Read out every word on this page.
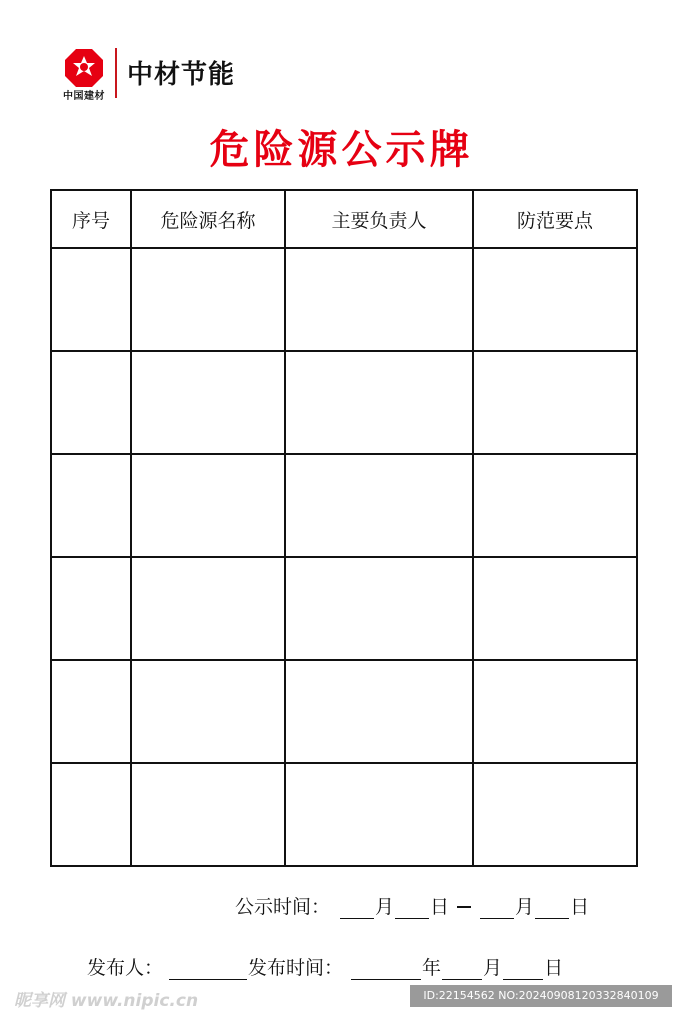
中国建材
中材节能
危险源公示牌
序号	危险源名称	主要负责人	防范要点

公示时间： 月 日	月 日
发布人：	发布时间：	年 月 日
昵享网 www.nipic.cn	ID:22154562 NO:20240908120332840109
